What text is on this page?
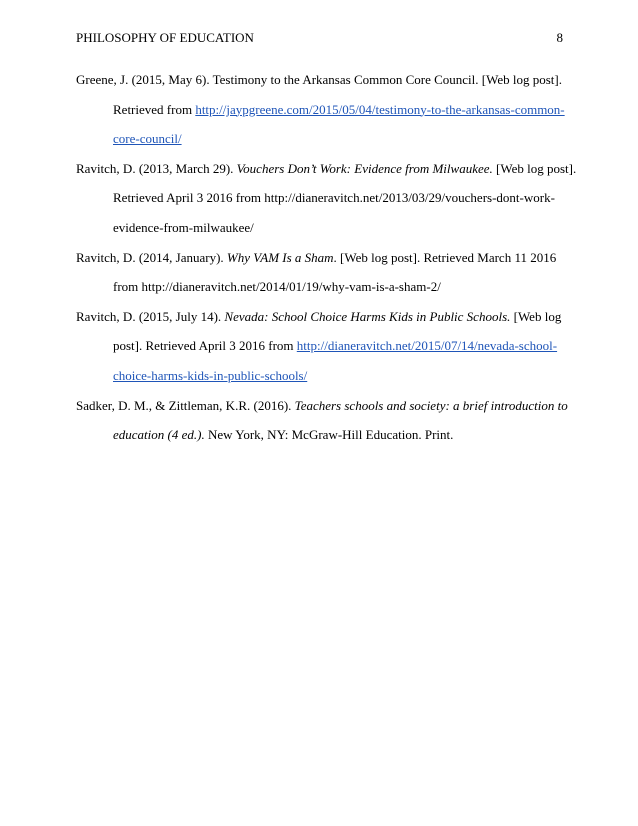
PHILOSOPHY OF EDUCATION	8
Greene, J. (2015, May 6). Testimony to the Arkansas Common Core Council. [Web log post].
Retrieved from http://jaypgreene.com/2015/05/04/testimony-to-the-arkansas-common-
core-council/
Ravitch, D. (2013, March 29). Vouchers Don’t Work: Evidence from Milwaukee. [Web log post].
Retrieved April 3 2016 from http://dianeravitch.net/2013/03/29/vouchers-dont-work-
evidence-from-milwaukee/
Ravitch, D. (2014, January). Why VAM Is a Sham. [Web log post]. Retrieved March 11 2016
from http://dianeravitch.net/2014/01/19/why-vam-is-a-sham-2/
Ravitch, D. (2015, July 14). Nevada: School Choice Harms Kids in Public Schools. [Web log
post]. Retrieved April 3 2016 from http://dianeravitch.net/2015/07/14/nevada-school-
choice-harms-kids-in-public-schools/
Sadker, D. M., & Zittleman, K.R. (2016). Teachers schools and society: a brief introduction to
education (4 ed.). New York, NY: McGraw-Hill Education. Print.
